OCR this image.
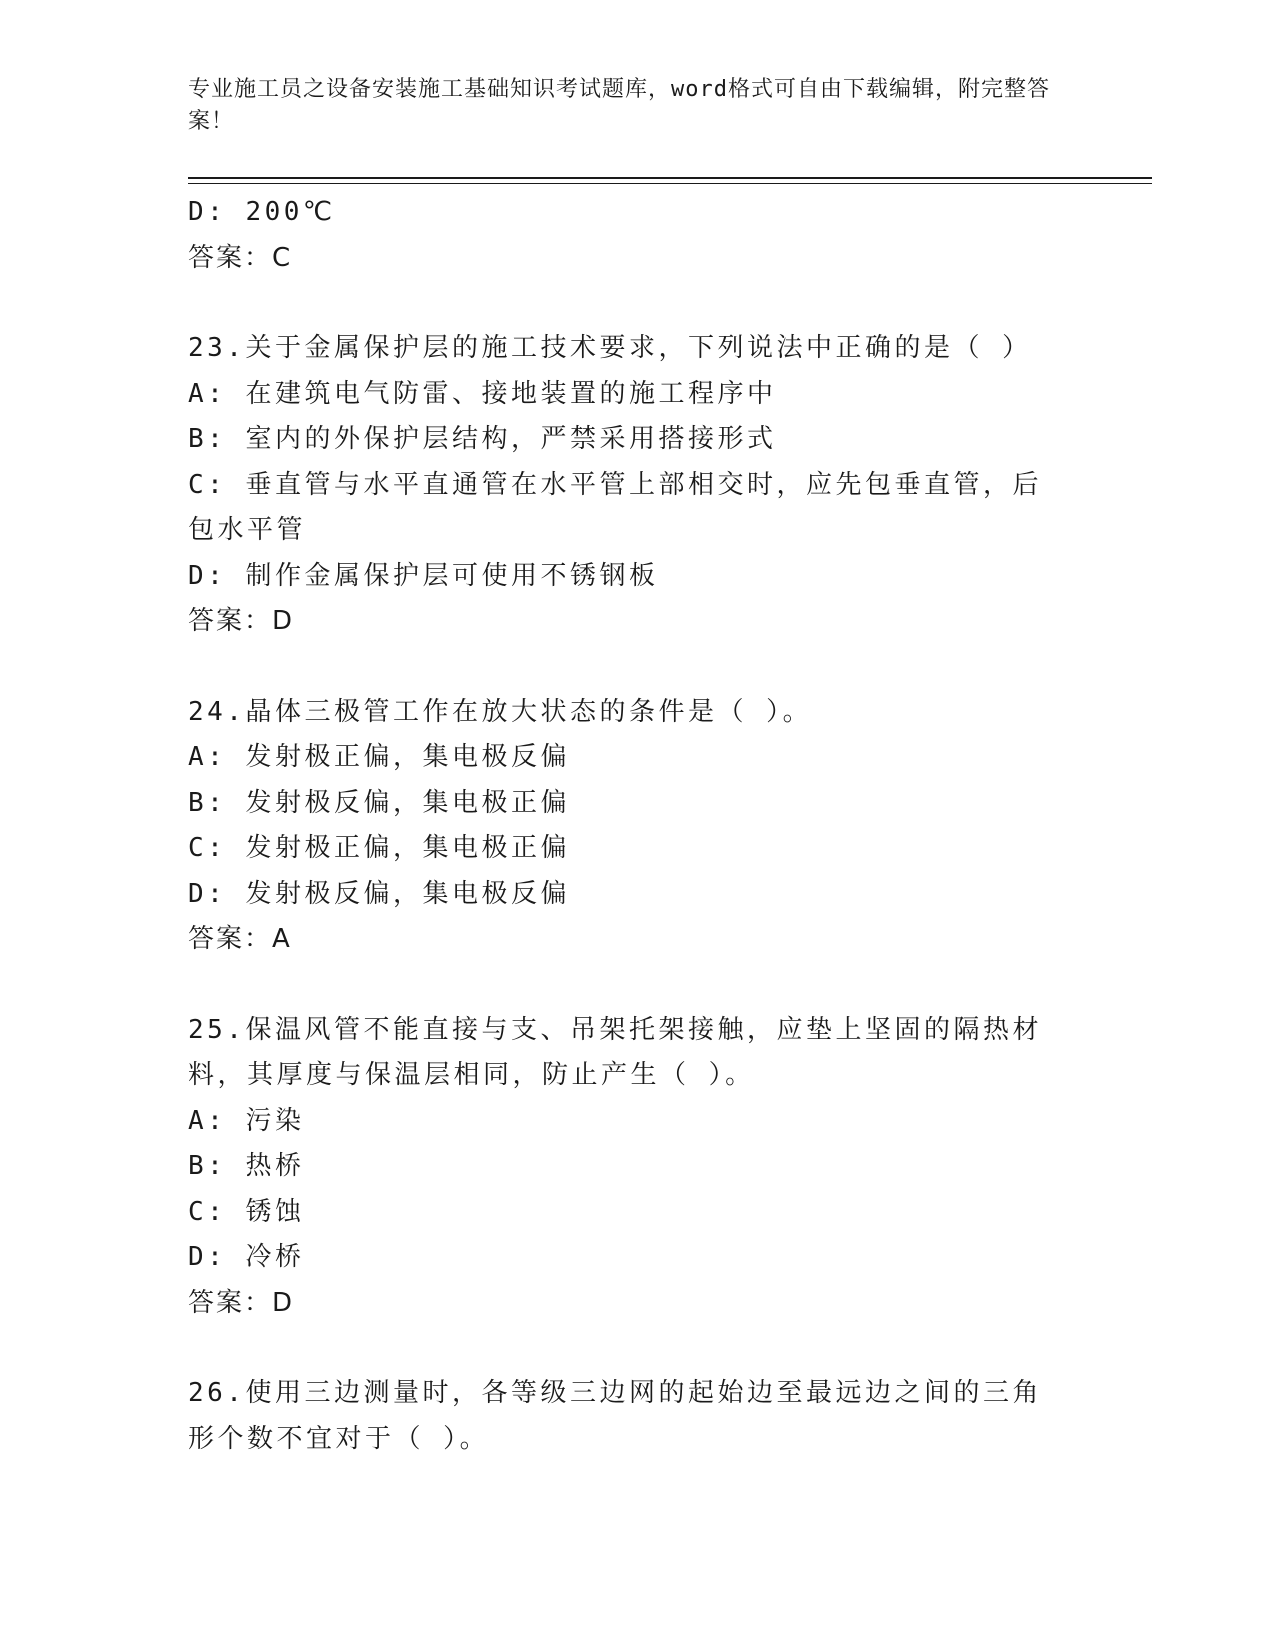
专业施工员之设备安装施工基础知识考试题库，word格式可自由下载编辑，附完整答案！
D: 200℃
答案：C
23.关于金属保护层的施工技术要求，下列说法中正确的是（ ）
A: 在建筑电气防雷、接地装置的施工程序中
B: 室内的外保护层结构，严禁采用搭接形式
C: 垂直管与水平直通管在水平管上部相交时，应先包垂直管，后包水平管
D: 制作金属保护层可使用不锈钢板
答案：D
24.晶体三极管工作在放大状态的条件是（ ）。
A: 发射极正偏，集电极反偏
B: 发射极反偏，集电极正偏
C: 发射极正偏，集电极正偏
D: 发射极反偏，集电极反偏
答案：A
25.保温风管不能直接与支、吊架托架接触，应垫上坚固的隔热材料，其厚度与保温层相同，防止产生（ ）。
A: 污染
B: 热桥
C: 锈蚀
D: 冷桥
答案：D
26.使用三边测量时，各等级三边网的起始边至最远边之间的三角形个数不宜对于（ ）。
